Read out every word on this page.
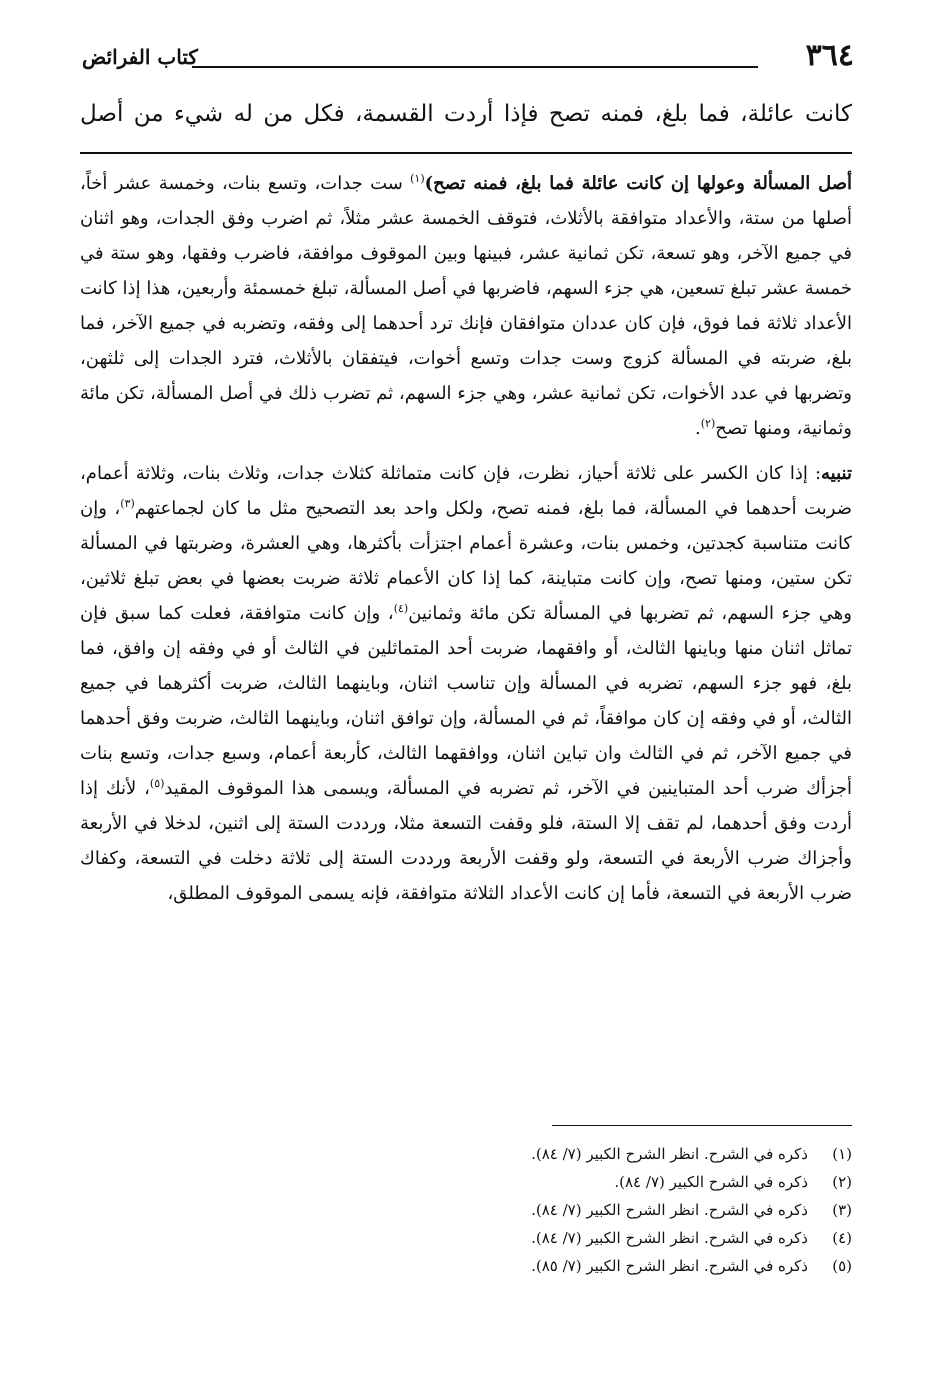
٣٦٤
كتاب الفرائض
كانت عائلة، فما بلغ، فمنه تصح فإذا أردت القسمة، فكل من له شيء من أصل

أصل المسألة وعولها إن كانت عائلة فما بلغ، فمنه تصح)$^{(١)}$ ست جدات، وتسع بنات، وخمسة عشر أخاً، أصلها من ستة، والأعداد متوافقة بالأثلاث، فتوقف الخمسة عشر مثلاً، ثم اضرب وفق الجدات، وهو اثنان في جميع الآخر، وهو تسعة، تكن ثمانية عشر، فبينها وبين الموقوف موافقة، فاضرب وفقها، وهو ستة في خمسة عشر تبلغ تسعين، هي جزء السهم، فاضربها في أصل المسألة، تبلغ خمسمئة وأربعين، هذا إذا كانت الأعداد ثلاثة فما فوق، فإن كان عددان متوافقان فإنك ترد أحدهما إلى وفقه، وتضربه في جميع الآخر، فما بلغ، ضربته في المسألة كزوج وست جدات وتسع أخوات، فيتفقان بالأثلاث، فترد الجدات إلى ثلثهن، وتضربها في عدد الأخوات، تكن ثمانية عشر، وهي جزء السهم، ثم تضرب ذلك في أصل المسألة، تكن مائة وثمانية، ومنها تصح$^{(٢)}$.

تنبيه: إذا كان الكسر على ثلاثة أحياز، نظرت، فإن كانت متماثلة كثلاث جدات، وثلاث بنات، وثلاثة أعمام، ضربت أحدهما في المسألة، فما بلغ، فمنه تصح، ولكل واحد بعد التصحيح مثل ما كان لجماعتهم$^{(٣)}$، وإن كانت متناسبة كجدتين، وخمس بنات، وعشرة أعمام اجتزأت بأكثرها، وهي العشرة، وضربتها في المسألة تكن ستين، ومنها تصح، وإن كانت متباينة، كما إذا كان الأعمام ثلاثة ضربت بعضها في بعض تبلغ ثلاثين، وهي جزء السهم، ثم تضربها في المسألة تكن مائة وثمانين$^{(٤)}$، وإن كانت متوافقة، فعلت كما سبق فإن تماثل اثنان منها وباينها الثالث، أو وافقهما، ضربت أحد المتماثلين في الثالث أو في وفقه إن وافق، فما بلغ، فهو جزء السهم، تضربه في المسألة وإن تناسب اثنان، وباينهما الثالث، ضربت أكثرهما في جميع الثالث، أو في وفقه إن كان موافقاً، ثم في المسألة، وإن توافق اثنان، وباينهما الثالث، ضربت وفق أحدهما في جميع الآخر، ثم في الثالث وان تباين اثنان، ووافقهما الثالث، كأربعة أعمام، وسبع جدات، وتسع بنات أجزأك ضرب أحد المتباينين في الآخر، ثم تضربه في المسألة، ويسمى هذا الموقوف المقيد$^{(٥)}$، لأنك إذا أردت وفق أحدهما، لم تقف إلا الستة، فلو وقفت التسعة مثلا، ورددت الستة إلى اثنين، لدخلا في الأربعة وأجزاك ضرب الأربعة في التسعة، ولو وقفت الأربعة ورددت الستة إلى ثلاثة دخلت في التسعة، وكفاك ضرب الأربعة في التسعة، فأما إن كانت الأعداد الثلاثة متوافقة، فإنه يسمى الموقوف المطلق،

(١)
ذكره في الشرح. انظر الشرح الكبير (٧/ ٨٤).
(٢)
ذكره في الشرح الكبير (٧/ ٨٤).
(٣)
ذكره في الشرح. انظر الشرح الكبير (٧/ ٨٤).
(٤)
ذكره في الشرح. انظر الشرح الكبير (٧/ ٨٤).
(٥)
ذكره في الشرح. انظر الشرح الكبير (٧/ ٨٥).
